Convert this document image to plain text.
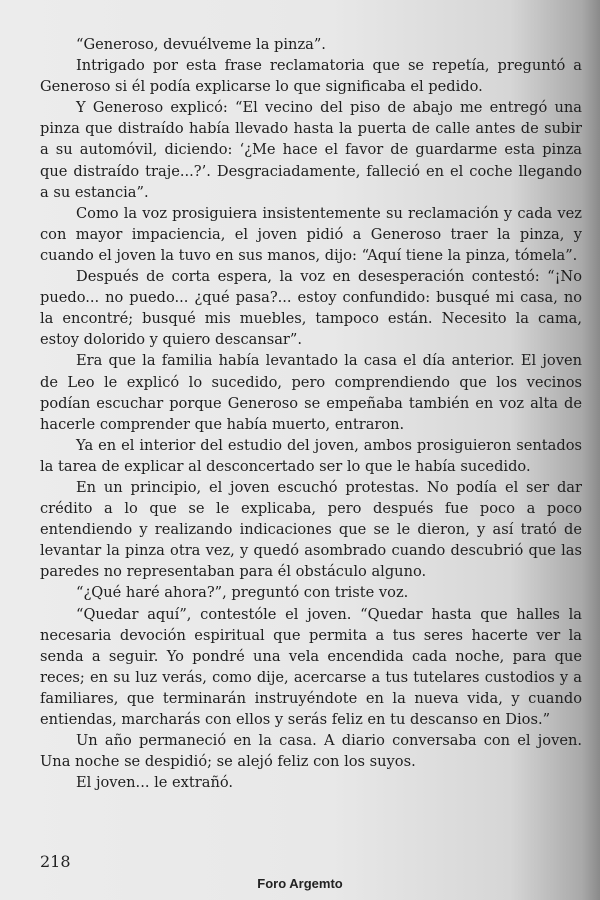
“Generoso, devuélveme la pinza”.

Intrigado por esta frase reclamatoria que se repetía, preguntó a Generoso si él podía explicarse lo que significaba el pedido.

Y Generoso explicó: “El vecino del piso de abajo me entregó una pinza que distraído había llevado hasta la puerta de calle antes de subir a su automóvil, diciendo: ‘¿Me hace el favor de guardarme esta pinza que distraído traje...?’. Desgraciadamente, falleció en el coche llegando a su estancia”.

Como la voz prosiguiera insistentemente su reclamación y cada vez con mayor impaciencia, el joven pidió a Generoso traer la pinza, y cuando el joven la tuvo en sus manos, dijo: “Aquí tiene la pinza, tómela”.

Después de corta espera, la voz en desesperación contestó: “¡No puedo... no puedo... ¿qué pasa?... estoy confundido: busqué mi casa, no la encontré; busqué mis muebles, tampoco están. Necesito la cama, estoy dolorido y quiero descansar”.

Era que la familia había levantado la casa el día anterior. El joven de Leo le explicó lo sucedido, pero comprendiendo que los vecinos podían escuchar porque Generoso se empeñaba también en voz alta de hacerle comprender que había muerto, entraron.

Ya en el interior del estudio del joven, ambos prosiguieron sentados la tarea de explicar al desconcertado ser lo que le había sucedido.

En un principio, el joven escuchó protestas. No podía el ser dar crédito a lo que se le explicaba, pero después fue poco a poco entendiendo y realizando indicaciones que se le dieron, y así trató de levantar la pinza otra vez, y quedó asombrado cuando descubrió que las paredes no representaban para él obstáculo alguno.

“¿Qué haré ahora?”, preguntó con triste voz.

“Quedar aquí”, contestóle el joven. “Quedar hasta que halles la necesaria devoción espiritual que permita a tus seres hacerte ver la senda a seguir. Yo pondré una vela encendida cada noche, para que reces; en su luz verás, como dije, acercarse a tus tutelares custodios y a familiares, que terminarán instruyéndote en la nueva vida, y cuando entiendas, marcharás con ellos y serás feliz en tu descanso en Dios.”

Un año permaneció en la casa. A diario conversaba con el joven. Una noche se despidió; se alejó feliz con los suyos.

El joven... le extrañó.

218
Foro Argemto
